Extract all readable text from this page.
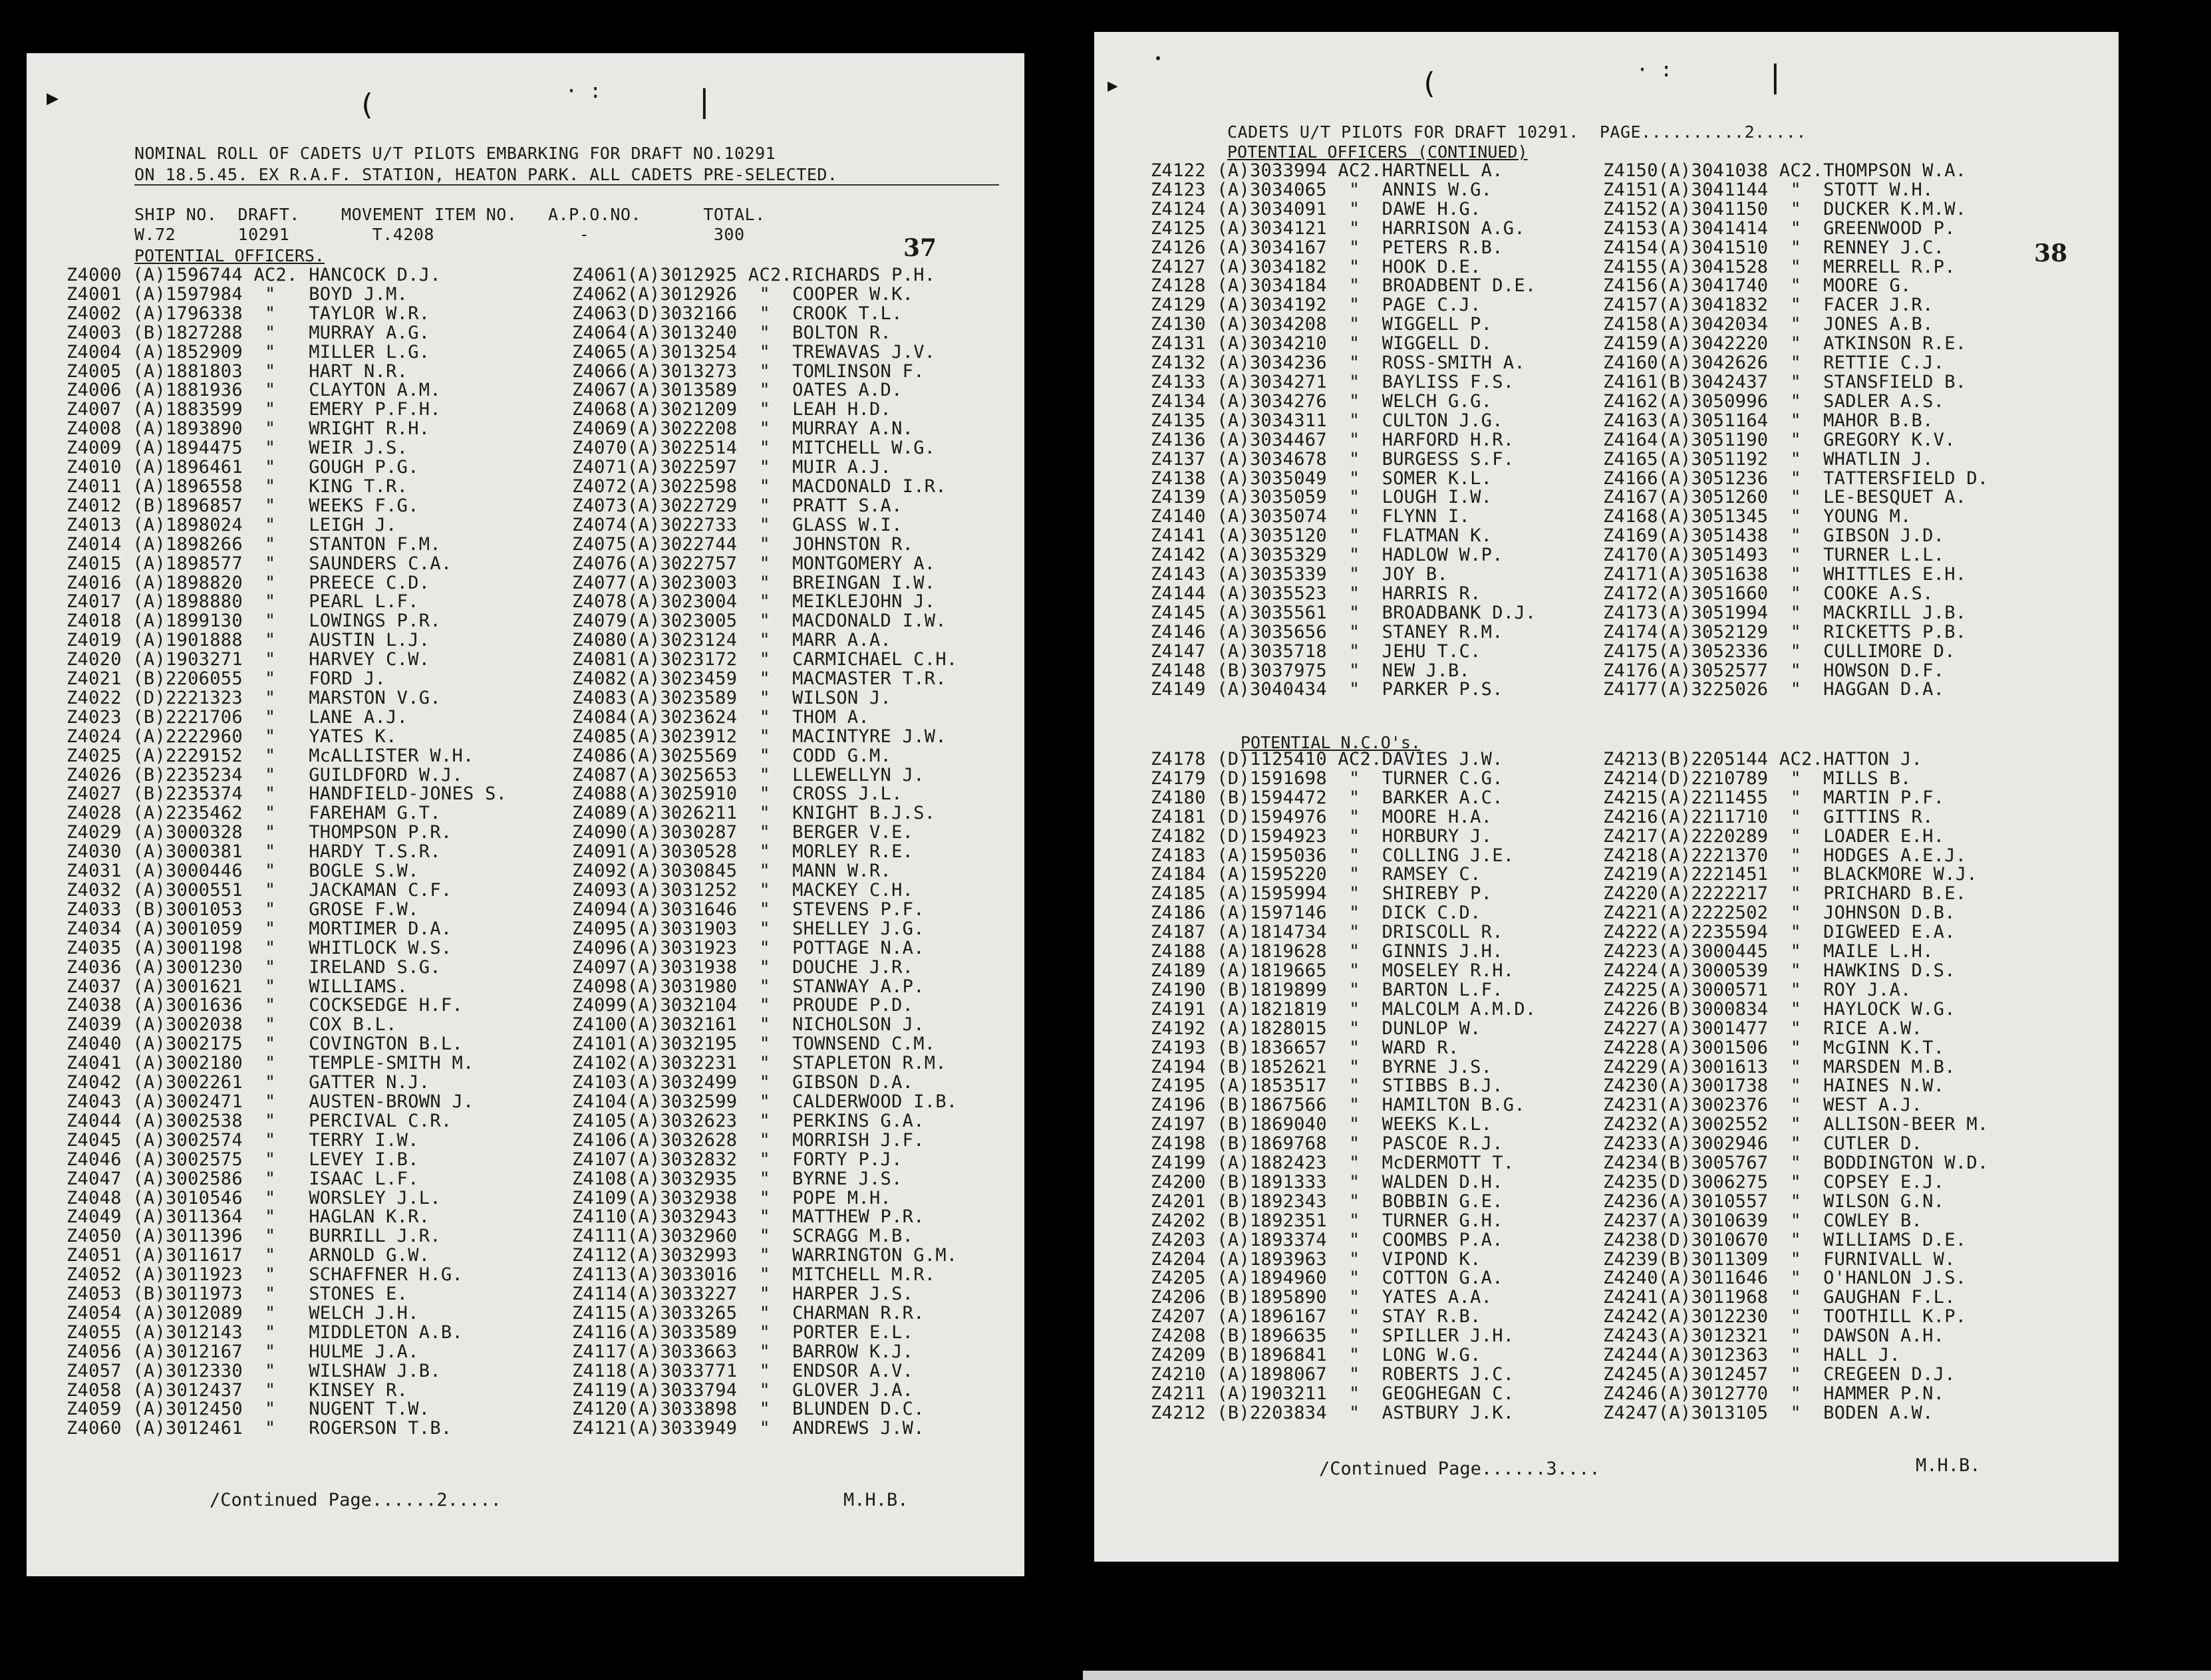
▶	(	· :	|
NOMINAL ROLL OF CADETS U/T PILOTS EMBARKING FOR DRAFT NO.10291
ON 18.5.45. EX R.A.F. STATION, HEATON PARK. ALL CADETS PRE-SELECTED.
SHIP NO.  DRAFT.    MOVEMENT ITEM NO.   A.P.O.NO.      TOTAL.
W.72      10291        T.4208              -            300	37
POTENTIAL OFFICERS.
Z4000 (A)1596744 AC2. HANCOCK D.J.
Z4001 (A)1597984  "   BOYD J.M.
Z4002 (A)1796338  "   TAYLOR W.R.
Z4003 (B)1827288  "   MURRAY A.G.
Z4004 (A)1852909  "   MILLER L.G.
Z4005 (A)1881803  "   HART N.R.
Z4006 (A)1881936  "   CLAYTON A.M.
Z4007 (A)1883599  "   EMERY P.F.H.
Z4008 (A)1893890  "   WRIGHT R.H.
Z4009 (A)1894475  "   WEIR J.S.
Z4010 (A)1896461  "   GOUGH P.G.
Z4011 (A)1896558  "   KING T.R.
Z4012 (B)1896857  "   WEEKS F.G.
Z4013 (A)1898024  "   LEIGH J.
Z4014 (A)1898266  "   STANTON F.M.
Z4015 (A)1898577  "   SAUNDERS C.A.
Z4016 (A)1898820  "   PREECE C.D.
Z4017 (A)1898880  "   PEARL L.F.
Z4018 (A)1899130  "   LOWINGS P.R.
Z4019 (A)1901888  "   AUSTIN L.J.
Z4020 (A)1903271  "   HARVEY C.W.
Z4021 (B)2206055  "   FORD J.
Z4022 (D)2221323  "   MARSTON V.G.
Z4023 (B)2221706  "   LANE A.J.
Z4024 (A)2222960  "   YATES K.
Z4025 (A)2229152  "   McALLISTER W.H.
Z4026 (B)2235234  "   GUILDFORD W.J.
Z4027 (B)2235374  "   HANDFIELD-JONES S.
Z4028 (A)2235462  "   FAREHAM G.T.
Z4029 (A)3000328  "   THOMPSON P.R.
Z4030 (A)3000381  "   HARDY T.S.R.
Z4031 (A)3000446  "   BOGLE S.W.
Z4032 (A)3000551  "   JACKAMAN C.F.
Z4033 (B)3001053  "   GROSE F.W.
Z4034 (A)3001059  "   MORTIMER D.A.
Z4035 (A)3001198  "   WHITLOCK W.S.
Z4036 (A)3001230  "   IRELAND S.G.
Z4037 (A)3001621  "   WILLIAMS.
Z4038 (A)3001636  "   COCKSEDGE H.F.
Z4039 (A)3002038  "   COX B.L.
Z4040 (A)3002175  "   COVINGTON B.L.
Z4041 (A)3002180  "   TEMPLE-SMITH M.
Z4042 (A)3002261  "   GATTER N.J.
Z4043 (A)3002471  "   AUSTEN-BROWN J.
Z4044 (A)3002538  "   PERCIVAL C.R.
Z4045 (A)3002574  "   TERRY I.W.
Z4046 (A)3002575  "   LEVEY I.B.
Z4047 (A)3002586  "   ISAAC L.F.
Z4048 (A)3010546  "   WORSLEY J.L.
Z4049 (A)3011364  "   HAGLAN K.R.
Z4050 (A)3011396  "   BURRILL J.R.
Z4051 (A)3011617  "   ARNOLD G.W.
Z4052 (A)3011923  "   SCHAFFNER H.G.
Z4053 (B)3011973  "   STONES E.
Z4054 (A)3012089  "   WELCH J.H.
Z4055 (A)3012143  "   MIDDLETON A.B.
Z4056 (A)3012167  "   HULME J.A.
Z4057 (A)3012330  "   WILSHAW J.B.
Z4058 (A)3012437  "   KINSEY R.
Z4059 (A)3012450  "   NUGENT T.W.
Z4060 (A)3012461  "   ROGERSON T.B.
Z4061(A)3012925 AC2.RICHARDS P.H.
Z4062(A)3012926  "  COOPER W.K.
Z4063(D)3032166  "  CROOK T.L.
Z4064(A)3013240  "  BOLTON R.
Z4065(A)3013254  "  TREWAVAS J.V.
Z4066(A)3013273  "  TOMLINSON F.
Z4067(A)3013589  "  OATES A.D.
Z4068(A)3021209  "  LEAH H.D.
Z4069(A)3022208  "  MURRAY A.N.
Z4070(A)3022514  "  MITCHELL W.G.
Z4071(A)3022597  "  MUIR A.J.
Z4072(A)3022598  "  MACDONALD I.R.
Z4073(A)3022729  "  PRATT S.A.
Z4074(A)3022733  "  GLASS W.I.
Z4075(A)3022744  "  JOHNSTON R.
Z4076(A)3022757  "  MONTGOMERY A.
Z4077(A)3023003  "  BREINGAN I.W.
Z4078(A)3023004  "  MEIKLEJOHN J.
Z4079(A)3023005  "  MACDONALD I.W.
Z4080(A)3023124  "  MARR A.A.
Z4081(A)3023172  "  CARMICHAEL C.H.
Z4082(A)3023459  "  MACMASTER T.R.
Z4083(A)3023589  "  WILSON J.
Z4084(A)3023624  "  THOM A.
Z4085(A)3023912  "  MACINTYRE J.W.
Z4086(A)3025569  "  CODD G.M.
Z4087(A)3025653  "  LLEWELLYN J.
Z4088(A)3025910  "  CROSS J.L.
Z4089(A)3026211  "  KNIGHT B.J.S.
Z4090(A)3030287  "  BERGER V.E.
Z4091(A)3030528  "  MORLEY R.E.
Z4092(A)3030845  "  MANN W.R.
Z4093(A)3031252  "  MACKEY C.H.
Z4094(A)3031646  "  STEVENS P.F.
Z4095(A)3031903  "  SHELLEY J.G.
Z4096(A)3031923  "  POTTAGE N.A.
Z4097(A)3031938  "  DOUCHE J.R.
Z4098(A)3031980  "  STANWAY A.P.
Z4099(A)3032104  "  PROUDE P.D.
Z4100(A)3032161  "  NICHOLSON J.
Z4101(A)3032195  "  TOWNSEND C.M.
Z4102(A)3032231  "  STAPLETON R.M.
Z4103(A)3032499  "  GIBSON D.A.
Z4104(A)3032599  "  CALDERWOOD I.B.
Z4105(A)3032623  "  PERKINS G.A.
Z4106(A)3032628  "  MORRISH J.F.
Z4107(A)3032832  "  FORTY P.J.
Z4108(A)3032935  "  BYRNE J.S.
Z4109(A)3032938  "  POPE M.H.
Z4110(A)3032943  "  MATTHEW P.R.
Z4111(A)3032960  "  SCRAGG M.B.
Z4112(A)3032993  "  WARRINGTON G.M.
Z4113(A)3033016  "  MITCHELL M.R.
Z4114(A)3033227  "  HARPER J.S.
Z4115(A)3033265  "  CHARMAN R.R.
Z4116(A)3033589  "  PORTER E.L.
Z4117(A)3033663  "  BARROW K.J.
Z4118(A)3033771  "  ENDSOR A.V.
Z4119(A)3033794  "  GLOVER J.A.
Z4120(A)3033898  "  BLUNDEN D.C.
Z4121(A)3033949  "  ANDREWS J.W.
/Continued Page......2.....	M.H.B.
•
▶	(	· :	|
CADETS U/T PILOTS FOR DRAFT 10291.  PAGE..........2.....
POTENTIAL OFFICERS (CONTINUED)
38
Z4122 (A)3033994 AC2.HARTNELL A.
Z4123 (A)3034065  "  ANNIS W.G.
Z4124 (A)3034091  "  DAWE H.G.
Z4125 (A)3034121  "  HARRISON A.G.
Z4126 (A)3034167  "  PETERS R.B.
Z4127 (A)3034182  "  HOOK D.E.
Z4128 (A)3034184  "  BROADBENT D.E.
Z4129 (A)3034192  "  PAGE C.J.
Z4130 (A)3034208  "  WIGGELL P.
Z4131 (A)3034210  "  WIGGELL D.
Z4132 (A)3034236  "  ROSS-SMITH A.
Z4133 (A)3034271  "  BAYLISS F.S.
Z4134 (A)3034276  "  WELCH G.G.
Z4135 (A)3034311  "  CULTON J.G.
Z4136 (A)3034467  "  HARFORD H.R.
Z4137 (A)3034678  "  BURGESS S.F.
Z4138 (A)3035049  "  SOMER K.L.
Z4139 (A)3035059  "  LOUGH I.W.
Z4140 (A)3035074  "  FLYNN I.
Z4141 (A)3035120  "  FLATMAN K.
Z4142 (A)3035329  "  HADLOW W.P.
Z4143 (A)3035339  "  JOY B.
Z4144 (A)3035523  "  HARRIS R.
Z4145 (A)3035561  "  BROADBANK D.J.
Z4146 (A)3035656  "  STANEY R.M.
Z4147 (A)3035718  "  JEHU T.C.
Z4148 (B)3037975  "  NEW J.B.
Z4149 (A)3040434  "  PARKER P.S.
Z4150(A)3041038 AC2.THOMPSON W.A.
Z4151(A)3041144  "  STOTT W.H.
Z4152(A)3041150  "  DUCKER K.M.W.
Z4153(A)3041414  "  GREENWOOD P.
Z4154(A)3041510  "  RENNEY J.C.
Z4155(A)3041528  "  MERRELL R.P.
Z4156(A)3041740  "  MOORE G.
Z4157(A)3041832  "  FACER J.R.
Z4158(A)3042034  "  JONES A.B.
Z4159(A)3042220  "  ATKINSON R.E.
Z4160(A)3042626  "  RETTIE C.J.
Z4161(B)3042437  "  STANSFIELD B.
Z4162(A)3050996  "  SADLER A.S.
Z4163(A)3051164  "  MAHOR B.B.
Z4164(A)3051190  "  GREGORY K.V.
Z4165(A)3051192  "  WHATLIN J.
Z4166(A)3051236  "  TATTERSFIELD D.
Z4167(A)3051260  "  LE-BESQUET A.
Z4168(A)3051345  "  YOUNG M.
Z4169(A)3051438  "  GIBSON J.D.
Z4170(A)3051493  "  TURNER L.L.
Z4171(A)3051638  "  WHITTLES E.H.
Z4172(A)3051660  "  COOKE A.S.
Z4173(A)3051994  "  MACKRILL J.B.
Z4174(A)3052129  "  RICKETTS P.B.
Z4175(A)3052336  "  CULLIMORE D.
Z4176(A)3052577  "  HOWSON D.F.
Z4177(A)3225026  "  HAGGAN D.A.
POTENTIAL N.C.O's.
Z4178 (D)1125410 AC2.DAVIES J.W.
Z4179 (D)1591698  "  TURNER C.G.
Z4180 (B)1594472  "  BARKER A.C.
Z4181 (D)1594976  "  MOORE H.A.
Z4182 (D)1594923  "  HORBURY J.
Z4183 (A)1595036  "  COLLING J.E.
Z4184 (A)1595220  "  RAMSEY C.
Z4185 (A)1595994  "  SHIREBY P.
Z4186 (A)1597146  "  DICK C.D.
Z4187 (A)1814734  "  DRISCOLL R.
Z4188 (A)1819628  "  GINNIS J.H.
Z4189 (A)1819665  "  MOSELEY R.H.
Z4190 (B)1819899  "  BARTON L.F.
Z4191 (A)1821819  "  MALCOLM A.M.D.
Z4192 (A)1828015  "  DUNLOP W.
Z4193 (B)1836657  "  WARD R.
Z4194 (B)1852621  "  BYRNE J.S.
Z4195 (A)1853517  "  STIBBS B.J.
Z4196 (B)1867566  "  HAMILTON B.G.
Z4197 (B)1869040  "  WEEKS K.L.
Z4198 (B)1869768  "  PASCOE R.J.
Z4199 (A)1882423  "  McDERMOTT T.
Z4200 (B)1891333  "  WALDEN D.H.
Z4201 (B)1892343  "  BOBBIN G.E.
Z4202 (B)1892351  "  TURNER G.H.
Z4203 (A)1893374  "  COOMBS P.A.
Z4204 (A)1893963  "  VIPOND K.
Z4205 (A)1894960  "  COTTON G.A.
Z4206 (B)1895890  "  YATES A.A.
Z4207 (A)1896167  "  STAY R.B.
Z4208 (B)1896635  "  SPILLER J.H.
Z4209 (B)1896841  "  LONG W.G.
Z4210 (A)1898067  "  ROBERTS J.C.
Z4211 (A)1903211  "  GEOGHEGAN C.
Z4212 (B)2203834  "  ASTBURY J.K.
Z4213(B)2205144 AC2.HATTON J.
Z4214(D)2210789  "  MILLS B.
Z4215(A)2211455  "  MARTIN P.F.
Z4216(A)2211710  "  GITTINS R.
Z4217(A)2220289  "  LOADER E.H.
Z4218(A)2221370  "  HODGES A.E.J.
Z4219(A)2221451  "  BLACKMORE W.J.
Z4220(A)2222217  "  PRICHARD B.E.
Z4221(A)2222502  "  JOHNSON D.B.
Z4222(A)2235594  "  DIGWEED E.A.
Z4223(A)3000445  "  MAILE L.H.
Z4224(A)3000539  "  HAWKINS D.S.
Z4225(A)3000571  "  ROY J.A.
Z4226(B)3000834  "  HAYLOCK W.G.
Z4227(A)3001477  "  RICE A.W.
Z4228(A)3001506  "  McGINN K.T.
Z4229(A)3001613  "  MARSDEN M.B.
Z4230(A)3001738  "  HAINES N.W.
Z4231(A)3002376  "  WEST A.J.
Z4232(A)3002552  "  ALLISON-BEER M.
Z4233(A)3002946  "  CUTLER D.
Z4234(B)3005767  "  BODDINGTON W.D.
Z4235(D)3006275  "  COPSEY E.J.
Z4236(A)3010557  "  WILSON G.N.
Z4237(A)3010639  "  COWLEY B.
Z4238(D)3010670  "  WILLIAMS D.E.
Z4239(B)3011309  "  FURNIVALL W.
Z4240(A)3011646  "  O'HANLON J.S.
Z4241(A)3011968  "  GAUGHAN F.L.
Z4242(A)3012230  "  TOOTHILL K.P.
Z4243(A)3012321  "  DAWSON A.H.
Z4244(A)3012363  "  HALL J.
Z4245(A)3012457  "  CREGEEN D.J.
Z4246(A)3012770  "  HAMMER P.N.
Z4247(A)3013105  "  BODEN A.W.
/Continued Page......3....	M.H.B.
